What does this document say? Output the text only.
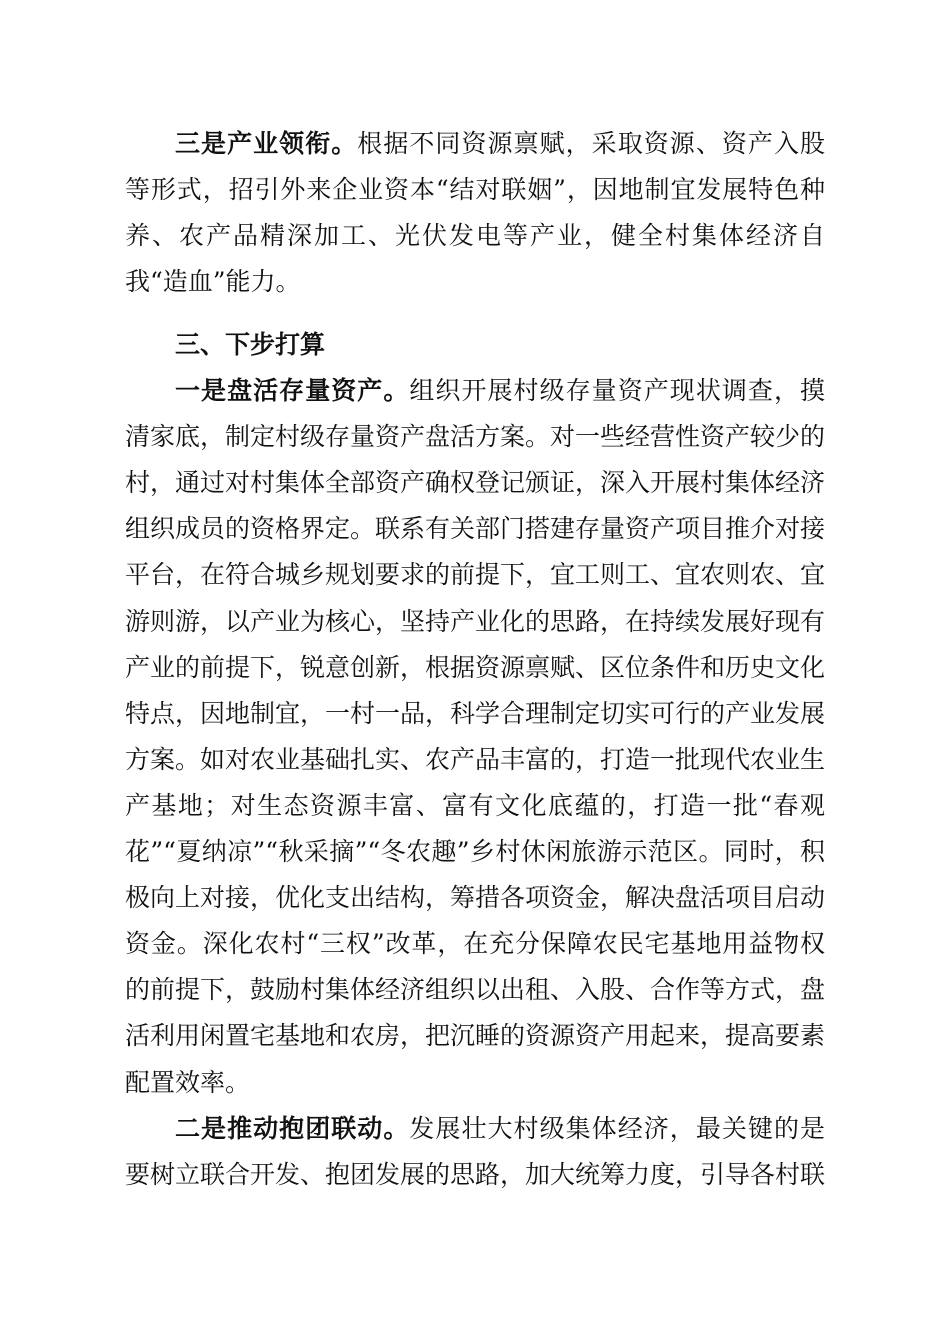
三是产业领衔。根据不同资源禀赋，采取资源、资产入股等形式，招引外来企业资本“结对联姻”，因地制宜发展特色种养、农产品精深加工、光伏发电等产业，健全村集体经济自我“造血”能力。

三、下步打算

一是盘活存量资产。组织开展村级存量资产现状调查，摸清家底，制定村级存量资产盘活方案。对一些经营性资产较少的村，通过对村集体全部资产确权登记颁证，深入开展村集体经济组织成员的资格界定。联系有关部门搭建存量资产项目推介对接平台，在符合城乡规划要求的前提下，宜工则工、宜农则农、宜游则游，以产业为核心，坚持产业化的思路，在持续发展好现有产业的前提下，锐意创新，根据资源禀赋、区位条件和历史文化特点，因地制宜，一村一品，科学合理制定切实可行的产业发展方案。如对农业基础扎实、农产品丰富的，打造一批现代农业生产基地；对生态资源丰富、富有文化底蕴的，打造一批“春观花”“夏纳凉”“秋采摘”“冬农趣”乡村休闲旅游示范区。同时，积极向上对接，优化支出结构，筹措各项资金，解决盘活项目启动资金。深化农村“三权”改革，在充分保障农民宅基地用益物权的前提下，鼓励村集体经济组织以出租、入股、合作等方式，盘活利用闲置宅基地和农房，把沉睡的资源资产用起来，提高要素配置效率。

二是推动抱团联动。发展壮大村级集体经济，最关键的是要树立联合开发、抱团发展的思路，加大统筹力度，引导各村联
